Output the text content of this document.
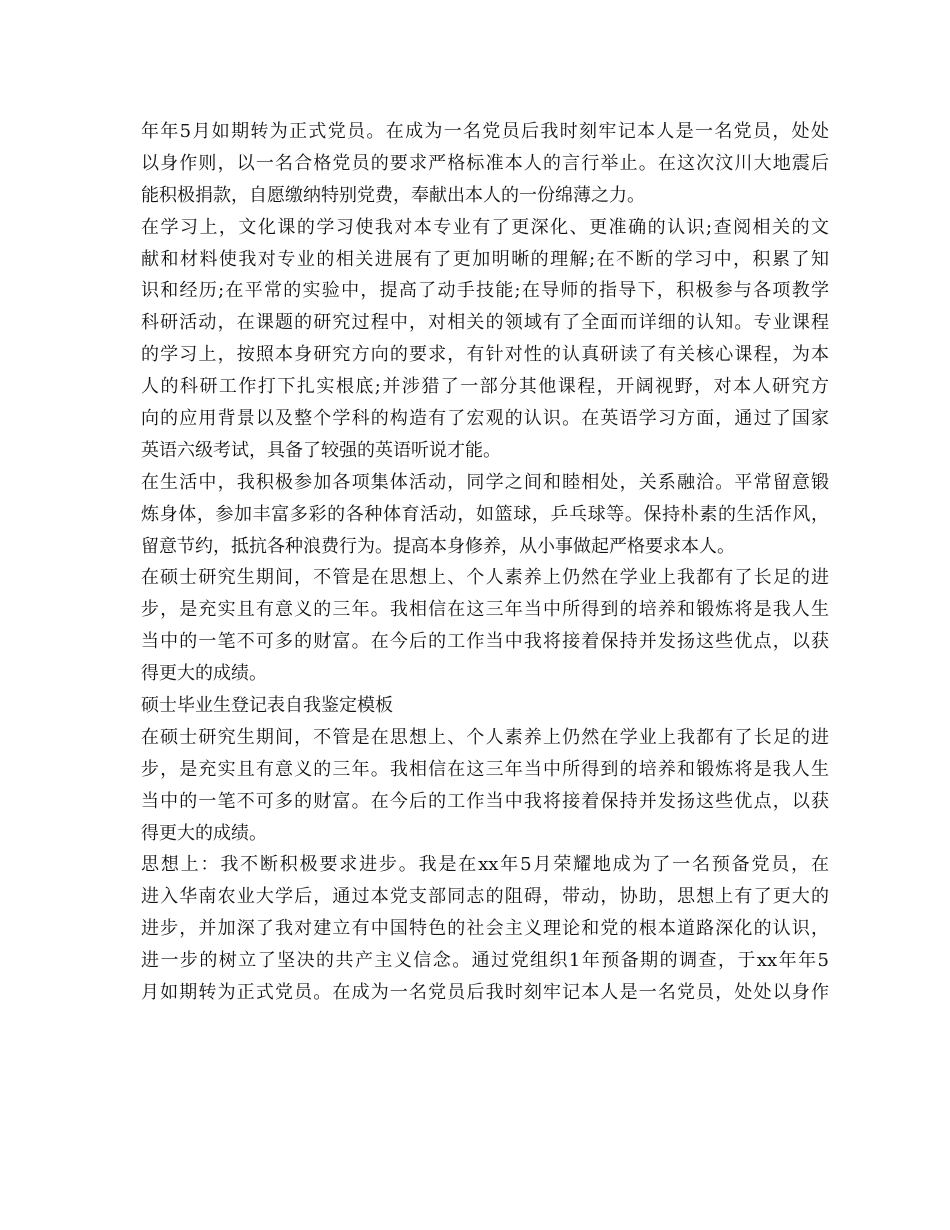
年年5月如期转为正式党员。在成为一名党员后我时刻牢记本人是一名党员，处处
以身作则，以一名合格党员的要求严格标准本人的言行举止。在这次汶川大地震后
能积极捐款，自愿缴纳特别党费，奉献出本人的一份绵薄之力。
在学习上，文化课的学习使我对本专业有了更深化、更准确的认识;查阅相关的文
献和材料使我对专业的相关进展有了更加明晰的理解;在不断的学习中，积累了知
识和经历;在平常的实验中，提高了动手技能;在导师的指导下，积极参与各项教学
科研活动，在课题的研究过程中，对相关的领域有了全面而详细的认知。专业课程
的学习上，按照本身研究方向的要求，有针对性的认真研读了有关核心课程，为本
人的科研工作打下扎实根底;并涉猎了一部分其他课程，开阔视野，对本人研究方
向的应用背景以及整个学科的构造有了宏观的认识。在英语学习方面，通过了国家
英语六级考试，具备了较强的英语听说才能。
在生活中，我积极参加各项集体活动，同学之间和睦相处，关系融洽。平常留意锻
炼身体，参加丰富多彩的各种体育活动，如篮球，乒乓球等。保持朴素的生活作风，
留意节约，抵抗各种浪费行为。提高本身修养，从小事做起严格要求本人。
在硕士研究生期间，不管是在思想上、个人素养上仍然在学业上我都有了长足的进
步，是充实且有意义的三年。我相信在这三年当中所得到的培养和锻炼将是我人生
当中的一笔不可多的财富。在今后的工作当中我将接着保持并发扬这些优点，以获
得更大的成绩。
硕士毕业生登记表自我鉴定模板
在硕士研究生期间，不管是在思想上、个人素养上仍然在学业上我都有了长足的进
步，是充实且有意义的三年。我相信在这三年当中所得到的培养和锻炼将是我人生
当中的一笔不可多的财富。在今后的工作当中我将接着保持并发扬这些优点，以获
得更大的成绩。
思想上：我不断积极要求进步。我是在xx年5月荣耀地成为了一名预备党员，在
进入华南农业大学后，通过本党支部同志的阻碍，带动，协助，思想上有了更大的
进步，并加深了我对建立有中国特色的社会主义理论和党的根本道路深化的认识，
进一步的树立了坚决的共产主义信念。通过党组织1年预备期的调查，于xx年年5
月如期转为正式党员。在成为一名党员后我时刻牢记本人是一名党员，处处以身作
